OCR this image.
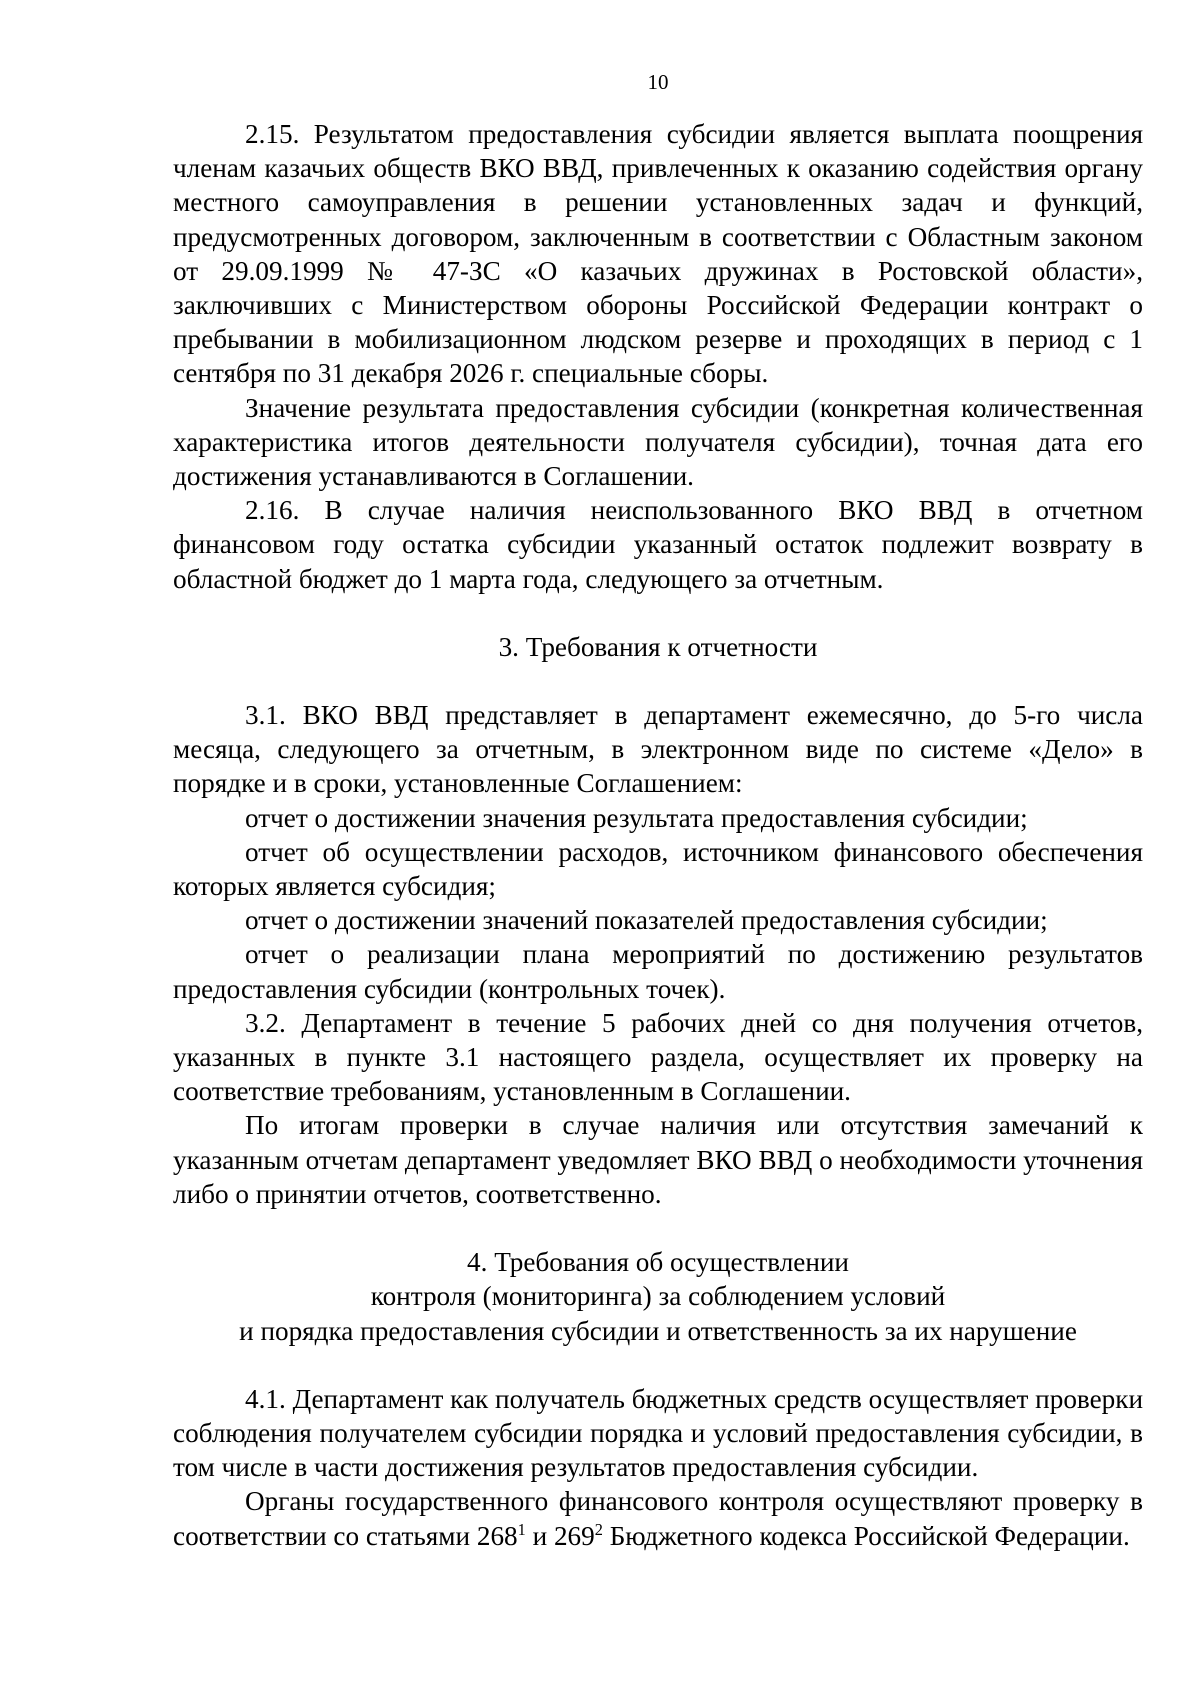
10

2.15. Результатом предоставления субсидии является выплата поощрения членам казачьих обществ ВКО ВВД, привлеченных к оказанию содействия органу местного самоуправления в решении установленных задач и функций, предусмотренных договором, заключенным в соответствии с Областным законом от 29.09.1999 № 47-ЗС «О казачьих дружинах в Ростовской области», заключивших с Министерством обороны Российской Федерации контракт о пребывании в мобилизационном людском резерве и проходящих в период с 1 сентября по 31 декабря 2026 г. специальные сборы.

Значение результата предоставления субсидии (конкретная количественная характеристика итогов деятельности получателя субсидии), точная дата его достижения устанавливаются в Соглашении.

2.16. В случае наличия неиспользованного ВКО ВВД в отчетном финансовом году остатка субсидии указанный остаток подлежит возврату в областной бюджет до 1 марта года, следующего за отчетным.

3. Требования к отчетности

3.1. ВКО ВВД представляет в департамент ежемесячно, до 5-го числа месяца, следующего за отчетным, в электронном виде по системе «Дело» в порядке и в сроки, установленные Соглашением:

отчет о достижении значения результата предоставления субсидии;

отчет об осуществлении расходов, источником финансового обеспечения которых является субсидия;

отчет о достижении значений показателей предоставления субсидии;

отчет о реализации плана мероприятий по достижению результатов предоставления субсидии (контрольных точек).

3.2. Департамент в течение 5 рабочих дней со дня получения отчетов, указанных в пункте 3.1 настоящего раздела, осуществляет их проверку на соответствие требованиям, установленным в Соглашении.

По итогам проверки в случае наличия или отсутствия замечаний к указанным отчетам департамент уведомляет ВКО ВВД о необходимости уточнения либо о принятии отчетов, соответственно.

4. Требования об осуществлении

контроля (мониторинга) за соблюдением условий

и порядка предоставления субсидии и ответственность за их нарушение

4.1. Департамент как получатель бюджетных средств осуществляет проверки соблюдения получателем субсидии порядка и условий предоставления субсидии, в том числе в части достижения результатов предоставления субсидии.

Органы государственного финансового контроля осуществляют проверку в соответствии со статьями $268^1$ и $269^2$ Бюджетного кодекса Российской Федерации.
